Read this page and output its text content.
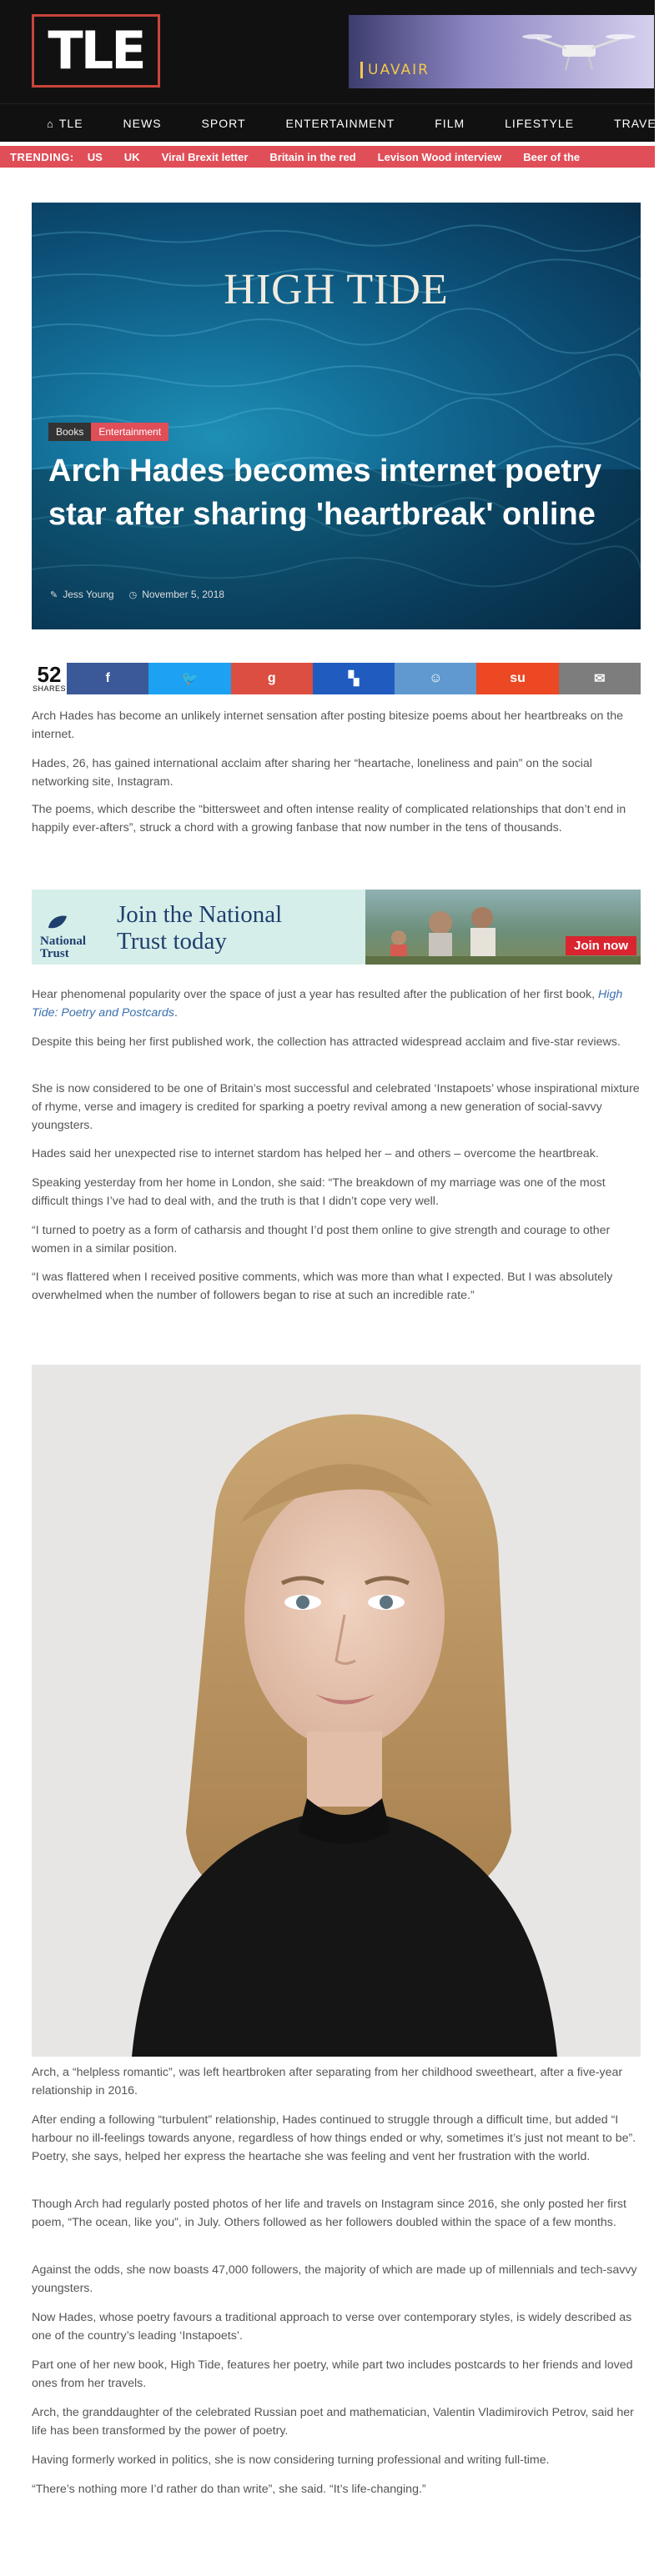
TLE	UAVAIR
⌂ TLE	NEWS	SPORT	ENTERTAINMENT	FILM	LIFESTYLE	TRAVEL
TRENDING: US UK Viral Brexit letter Britain in the red Levison Wood interview Beer of the
HIGH TIDE
Books	Entertainment
Arch Hades becomes internet poetry star after sharing 'heartbreak' online
✎ Jess Young ◷ November 5, 2018
52
SHARES
f	🐦	g	▚	☺	su	✉

Arch Hades has become an unlikely internet sensation after posting bitesize poems about her heartbreaks on the internet.

Hades, 26, has gained international acclaim after sharing her “heartache, loneliness and pain” on the social networking site, Instagram.

The poems, which describe the “bittersweet and often intense reality of complicated relationships that don’t end in happily ever-afters”, struck a chord with a growing fanbase that now number in the tens of thousands.

National Trust
Join the National Trust today	Join now

Hear phenomenal popularity over the space of just a year has resulted after the publication of her first book, High Tide: Poetry and Postcards.

Despite this being her first published work, the collection has attracted widespread acclaim and five-star reviews.

She is now considered to be one of Britain’s most successful and celebrated ‘Instapoets’ whose inspirational mixture of rhyme, verse and imagery is credited for sparking a poetry revival among a new generation of social-savvy youngsters.

Hades said her unexpected rise to internet stardom has helped her – and others – overcome the heartbreak.

Speaking yesterday from her home in London, she said: “The breakdown of my marriage was one of the most difficult things I’ve had to deal with, and the truth is that I didn’t cope very well.

“I turned to poetry as a form of catharsis and thought I’d post them online to give strength and courage to other women in a similar position.

“I was flattered when I received positive comments, which was more than what I expected. But I was absolutely overwhelmed when the number of followers began to rise at such an incredible rate.”

Arch, a “helpless romantic”, was left heartbroken after separating from her childhood sweetheart, after a five-year relationship in 2016.

After ending a following “turbulent” relationship, Hades continued to struggle through a difficult time, but added “I harbour no ill-feelings towards anyone, regardless of how things ended or why, sometimes it’s just not meant to be”. Poetry, she says, helped her express the heartache she was feeling and vent her frustration with the world.

Though Arch had regularly posted photos of her life and travels on Instagram since 2016, she only posted her first poem, “The ocean, like you”, in July. Others followed as her followers doubled within the space of a few months.

Against the odds, she now boasts 47,000 followers, the majority of which are made up of millennials and tech-savvy youngsters.

Now Hades, whose poetry favours a traditional approach to verse over contemporary styles, is widely described as one of the country’s leading ‘Instapoets’.

Part one of her new book, High Tide, features her poetry, while part two includes postcards to her friends and loved ones from her travels.

Arch, the granddaughter of the celebrated Russian poet and mathematician, Valentin Vladimirovich Petrov, said her life has been transformed by the power of poetry.

Having formerly worked in politics, she is now considering turning professional and writing full-time.

“There’s nothing more I’d rather do than write”, she said. “It’s life-changing.”
